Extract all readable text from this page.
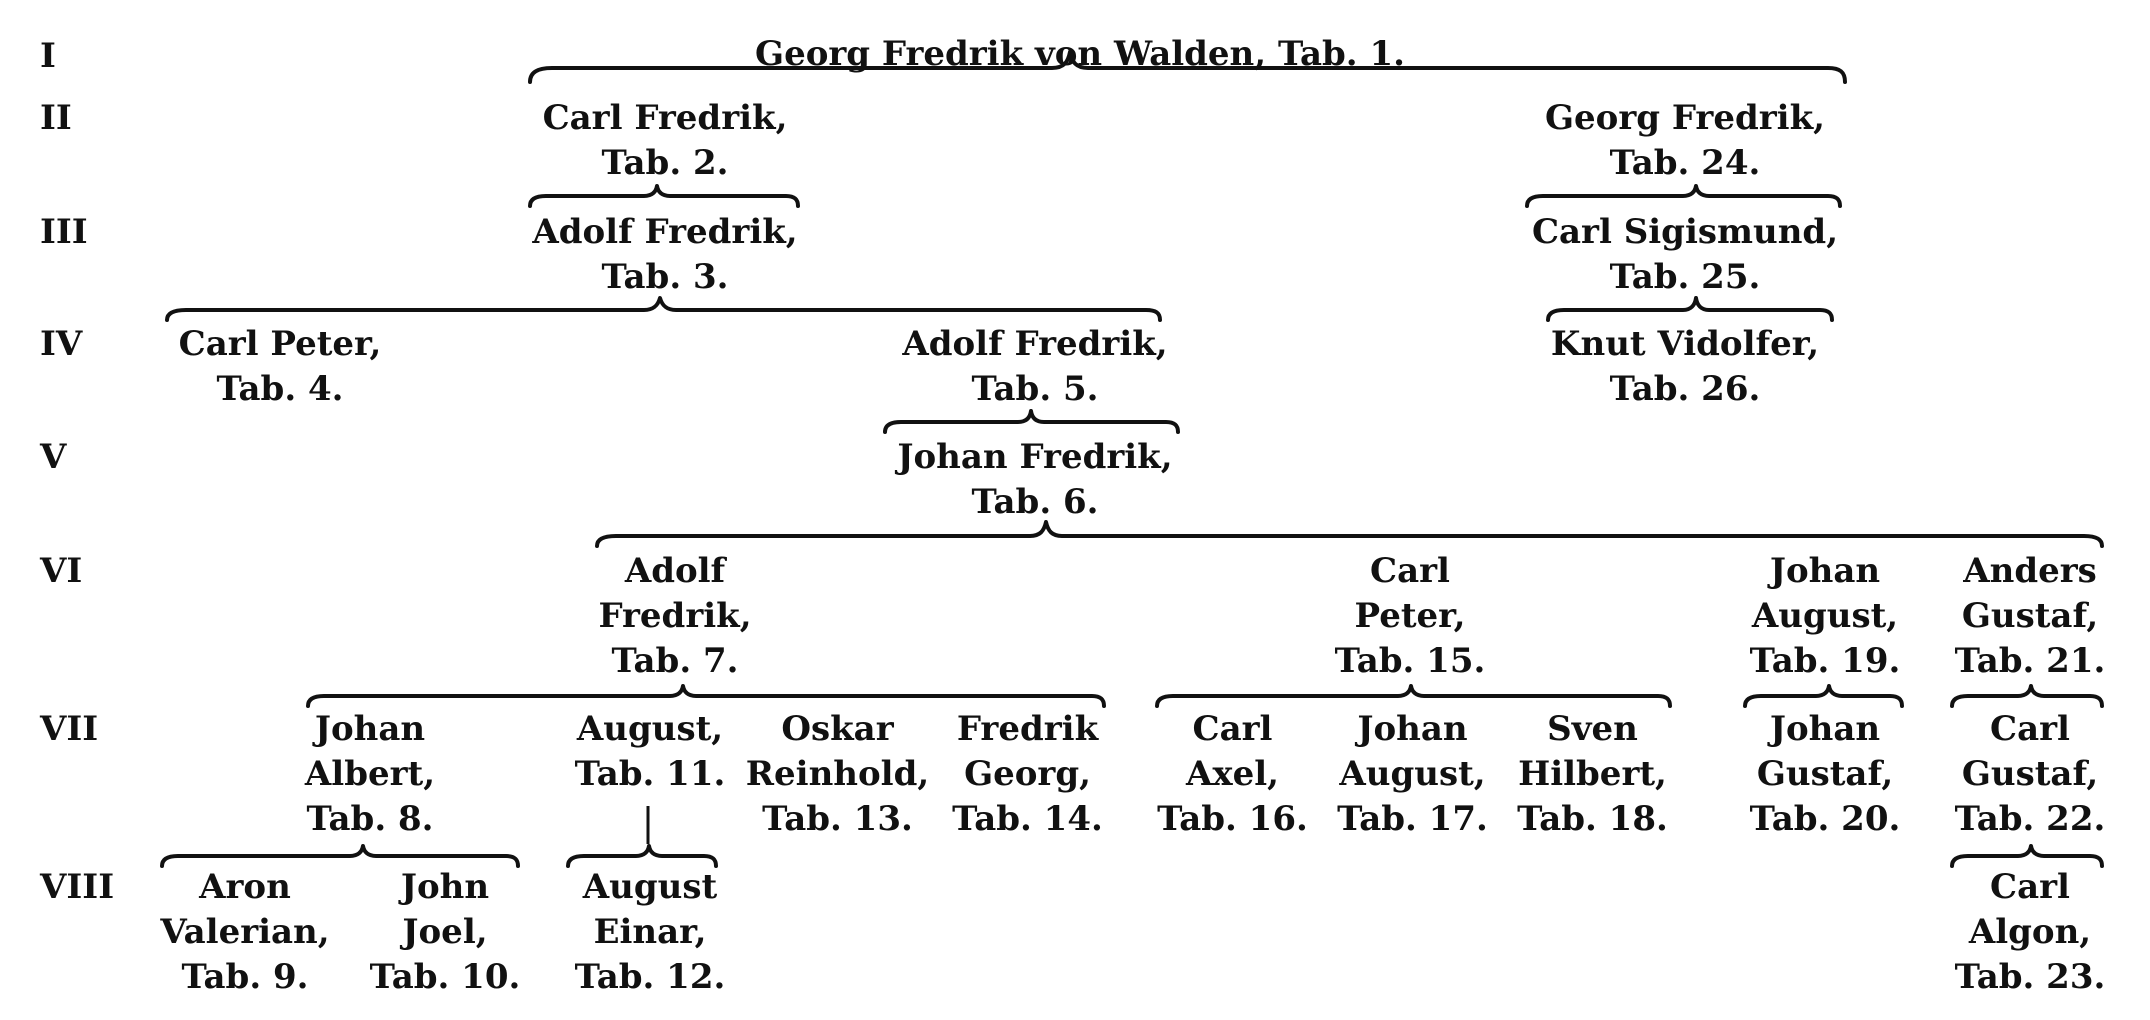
I
II
III
IV
V
VI
VII
VIII
Georg Fredrik von Walden, Tab. 1.
Carl Fredrik,
Tab. 2.
Georg Fredrik,
Tab. 24.
Adolf Fredrik,
Tab. 3.
Carl Sigismund,
Tab. 25.
Carl Peter,
Tab. 4.
Adolf Fredrik,
Tab. 5.
Knut Vidolfer,
Tab. 26.
Johan Fredrik,
Tab. 6.
Adolf
Fredrik,
Tab. 7.
Carl
Peter,
Tab. 15.
Johan
August,
Tab. 19.
Anders
Gustaf,
Tab. 21.
Johan
Albert,
Tab. 8.
August,
Tab. 11.
Oskar
Reinhold,
Tab. 13.
Fredrik
Georg,
Tab. 14.
Carl
Axel,
Tab. 16.
Johan
August,
Tab. 17.
Sven
Hilbert,
Tab. 18.
Johan
Gustaf,
Tab. 20.
Carl
Gustaf,
Tab. 22.
Aron
Valerian,
Tab. 9.
John
Joel,
Tab. 10.
August
Einar,
Tab. 12.
Carl
Algon,
Tab. 23.
